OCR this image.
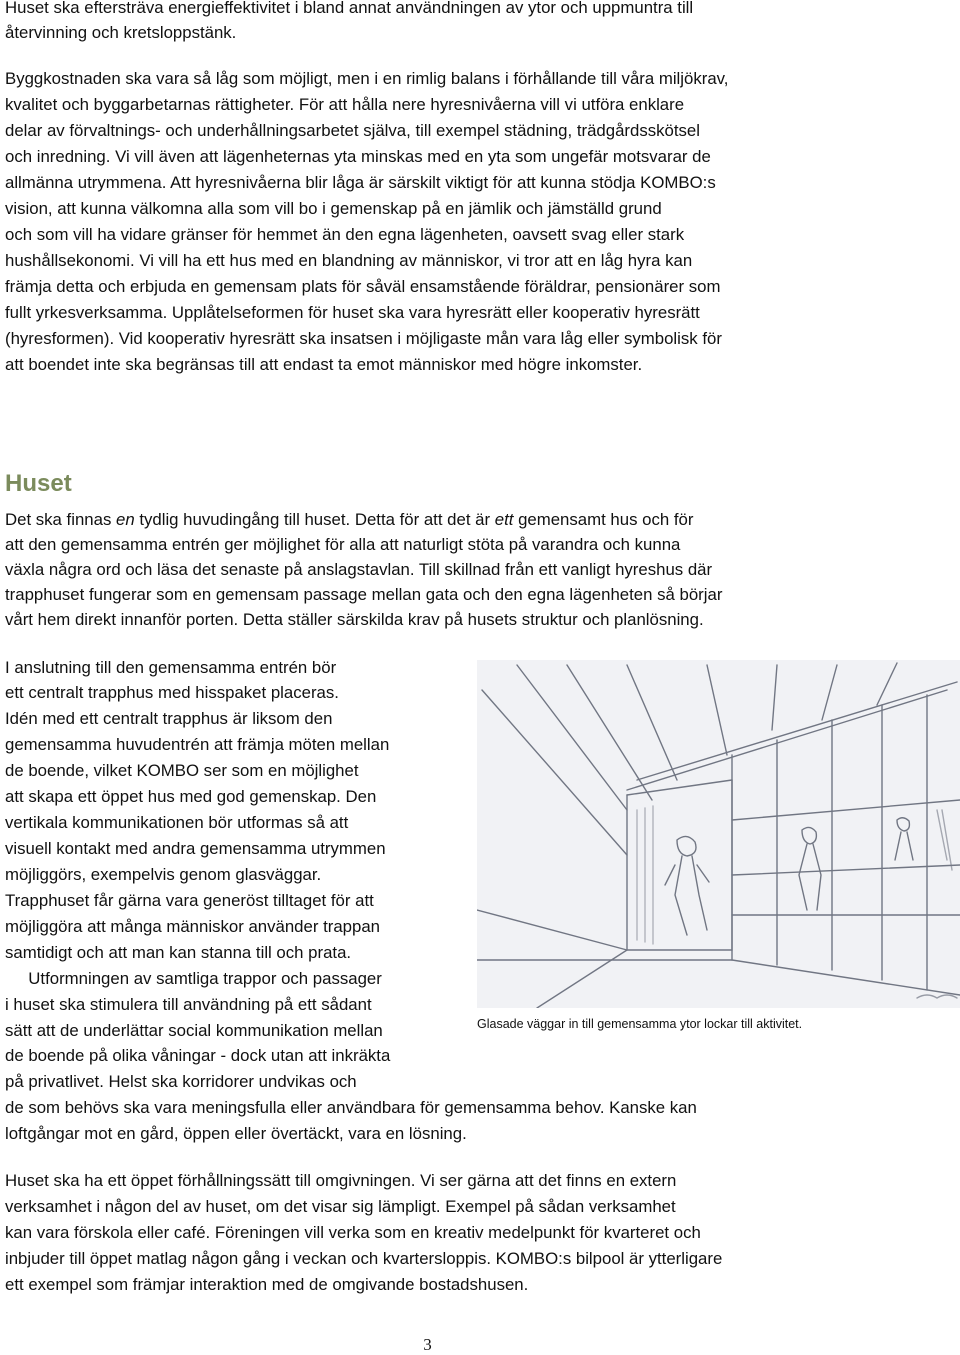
Huset ska eftersträva energieffektivitet i bland annat användningen av ytor och uppmuntra till
återvinning och kretsloppstänk.
Byggkostnaden ska vara så låg som möjligt, men i en rimlig balans i förhållande till våra miljökrav,
kvalitet och byggarbetarnas rättigheter. För att hålla nere hyresnivåerna vill vi utföra enklare
delar av förvaltnings- och underhållningsarbetet själva, till exempel städning, trädgårdsskötsel
och inredning. Vi vill även att lägenheternas yta minskas med en yta som ungefär motsvarar de
allmänna utrymmena. Att hyresnivåerna blir låga är särskilt viktigt för att kunna stödja KOMBO:s
vision, att kunna välkomna alla som vill bo i gemenskap på en jämlik och jämställd grund
och som vill ha vidare gränser för hemmet än den egna lägenheten, oavsett svag eller stark
hushållsekonomi. Vi vill ha ett hus med en blandning av människor, vi tror att en låg hyra kan
främja detta och erbjuda en gemensam plats för såväl ensamstående föräldrar, pensionärer som
fullt yrkesverksamma. Upplåtelseformen för huset ska vara hyresrätt eller kooperativ hyresrätt
(hyresformen). Vid kooperativ hyresrätt ska insatsen i möjligaste mån vara låg eller symbolisk för
att boendet inte ska begränsas till att endast ta emot människor med högre inkomster.
Huset
Det ska finnas en tydlig huvudingång till huset. Detta för att det är ett gemensamt hus och för
att den gemensamma entrén ger möjlighet för alla att naturligt stöta på varandra och kunna
växla några ord och läsa det senaste på anslagstavlan. Till skillnad från ett vanligt hyreshus där
trapphuset fungerar som en gemensam passage mellan gata och den egna lägenheten så börjar
vårt hem direkt innanför porten. Detta ställer särskilda krav på husets struktur och planlösning.
I anslutning till den gemensamma entrén bör
ett centralt trapphus med hisspaket placeras.
Idén med ett centralt trapphus är liksom den
gemensamma huvudentrén att främja möten mellan
de boende, vilket KOMBO ser som en möjlighet
att skapa ett öppet hus med god gemenskap. Den
vertikala kommunikationen bör utformas så att
visuell kontakt med andra gemensamma utrymmen
möjliggörs, exempelvis genom glasväggar.
Trapphuset får gärna vara generöst tilltaget för att
möjliggöra att många människor använder trappan
samtidigt och att man kan stanna till och prata.
Utformningen av samtliga trappor och passager
i huset ska stimulera till användning på ett sådant
sätt att de underlättar social kommunikation mellan
de boende på olika våningar - dock utan att inkräkta
på privatlivet. Helst ska korridorer undvikas och
Glasade väggar in till gemensamma ytor lockar till aktivitet.
de som behövs ska vara meningsfulla eller användbara för gemensamma behov. Kanske kan
loftgångar mot en gård, öppen eller övertäckt, vara en lösning.
Huset ska ha ett öppet förhållningssätt till omgivningen. Vi ser gärna att det finns en extern
verksamhet i någon del av huset, om det visar sig lämpligt. Exempel på sådan verksamhet
kan vara förskola eller café. Föreningen vill verka som en kreativ medelpunkt för kvarteret och
inbjuder till öppet matlag någon gång i veckan och kvartersloppis. KOMBO:s bilpool är ytterligare
ett exempel som främjar interaktion med de omgivande bostadshusen.
3
